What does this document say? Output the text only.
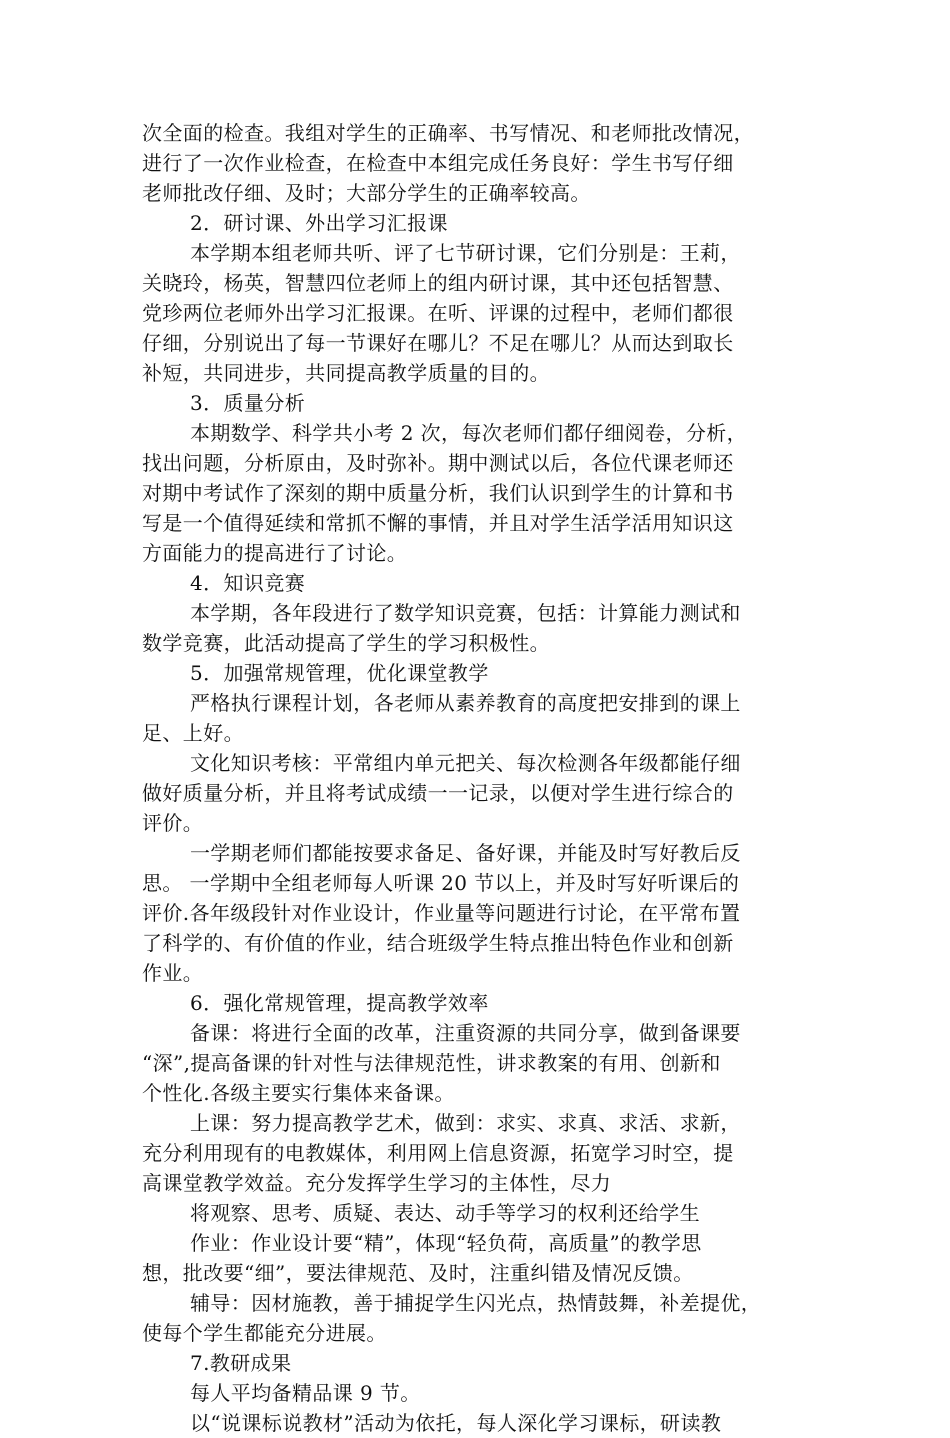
次全面的检查。我组对学生的正确率、书写情况、和老师批改情况，
进行了一次作业检查，在检查中本组完成任务良好：学生书写仔细
老师批改仔细、及时；大部分学生的正确率较高。
2．研讨课、外出学习汇报课
本学期本组老师共听、评了七节研讨课，它们分别是：王莉，
关晓玲，杨英，智慧四位老师上的组内研讨课，其中还包括智慧、
党珍两位老师外出学习汇报课。在听、评课的过程中，老师们都很
仔细，分别说出了每一节课好在哪儿？不足在哪儿？从而达到取长
补短，共同进步，共同提高教学质量的目的。
3．质量分析
本期数学、科学共小考 2 次，每次老师们都仔细阅卷，分析，
找出问题，分析原由，及时弥补。期中测试以后，各位代课老师还
对期中考试作了深刻的期中质量分析，我们认识到学生的计算和书
写是一个值得延续和常抓不懈的事情，并且对学生活学活用知识这
方面能力的提高进行了讨论。
4．知识竞赛
本学期，各年段进行了数学知识竞赛，包括：计算能力测试和
数学竞赛，此活动提高了学生的学习积极性。
5．加强常规管理，优化课堂教学
严格执行课程计划，各老师从素养教育的高度把安排到的课上
足、上好。
文化知识考核：平常组内单元把关、每次检测各年级都能仔细
做好质量分析，并且将考试成绩一一记录，以便对学生进行综合的
评价。
一学期老师们都能按要求备足、备好课，并能及时写好教后反
思。 一学期中全组老师每人听课 20 节以上，并及时写好听课后的
评价.各年级段针对作业设计，作业量等问题进行讨论，在平常布置
了科学的、有价值的作业，结合班级学生特点推出特色作业和创新
作业。
6．强化常规管理，提高教学效率
备课：将进行全面的改革，注重资源的共同分享，做到备课要
“深”,提高备课的针对性与法律规范性，讲求教案的有用、创新和
个性化.各级主要实行集体来备课。
上课：努力提高教学艺术，做到：求实、求真、求活、求新，
充分利用现有的电教媒体，利用网上信息资源，拓宽学习时空，提
高课堂教学效益。充分发挥学生学习的主体性，尽力
将观察、思考、质疑、表达、动手等学习的权利还给学生
作业：作业设计要“精”，体现“轻负荷，高质量”的教学思
想，批改要“细”，要法律规范、及时，注重纠错及情况反馈。
辅导：因材施教，善于捕捉学生闪光点，热情鼓舞，补差提优，
使每个学生都能充分进展。
7.教研成果
每人平均备精品课 9 节。
以“说课标说教材”活动为依托，每人深化学习课标，研读教
